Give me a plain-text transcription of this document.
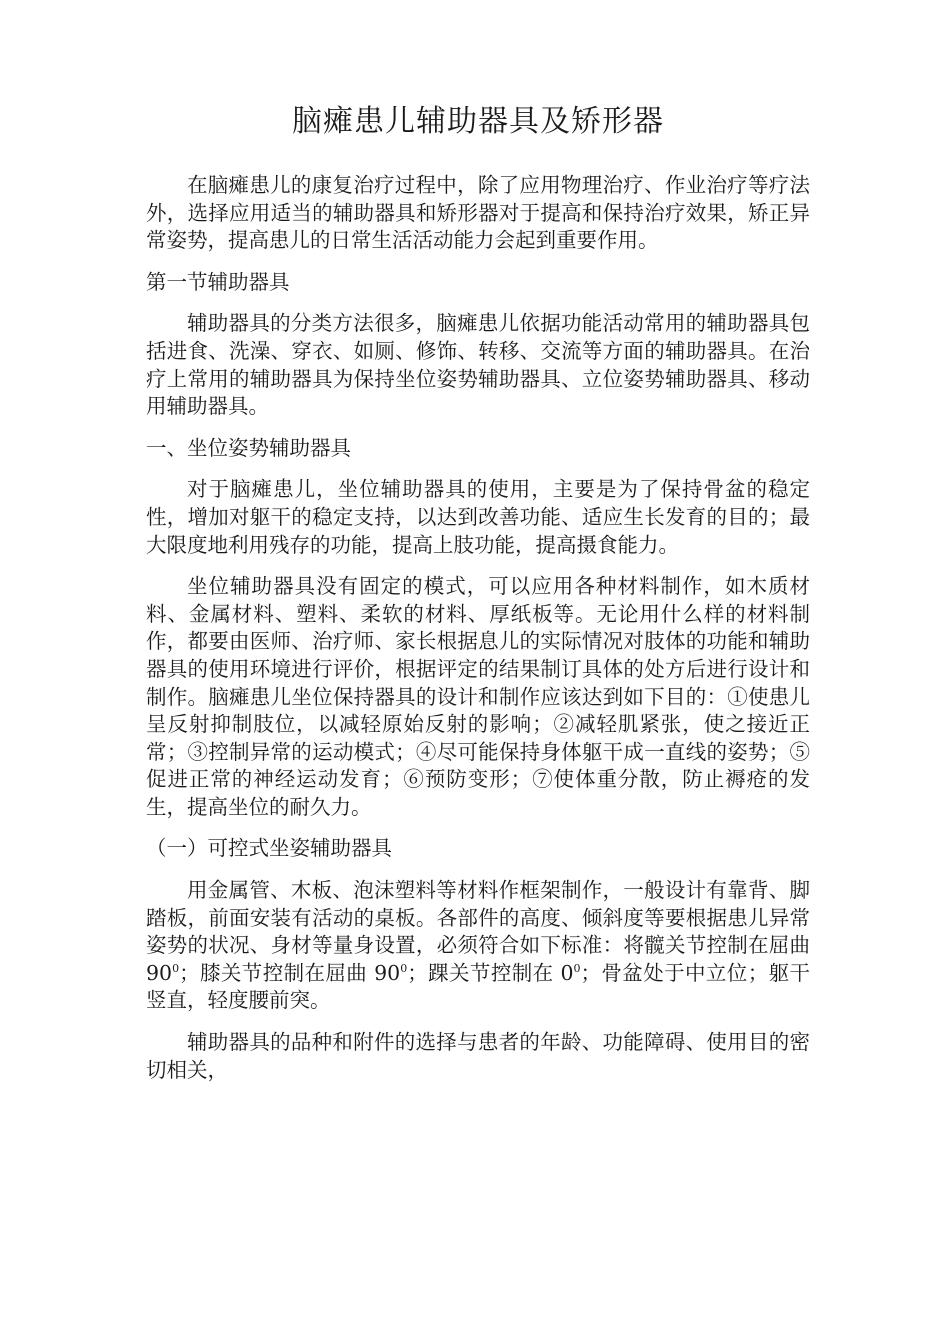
脑瘫患儿辅助器具及矫形器

在脑瘫患儿的康复治疗过程中，除了应用物理治疗、作业治疗等疗法外，选择应用适当的辅助器具和矫形器对于提高和保持治疗效果，矫正异常姿势，提高患儿的日常生活活动能力会起到重要作用。

第一节辅助器具

辅助器具的分类方法很多，脑瘫患儿依据功能活动常用的辅助器具包括进食、洗澡、穿衣、如厕、修饰、转移、交流等方面的辅助器具。在治疗上常用的辅助器具为保持坐位姿势辅助器具、立位姿势辅助器具、移动用辅助器具。

一、坐位姿势辅助器具

对于脑瘫患儿，坐位辅助器具的使用，主要是为了保持骨盆的稳定性，增加对躯干的稳定支持，以达到改善功能、适应生长发育的目的；最大限度地利用残存的功能，提高上肢功能，提高摄食能力。

坐位辅助器具没有固定的模式，可以应用各种材料制作，如木质材料、金属材料、塑料、柔软的材料、厚纸板等。无论用什么样的材料制作，都要由医师、治疗师、家长根据息儿的实际情况对肢体的功能和辅助器具的使用环境进行评价，根据评定的结果制订具体的处方后进行设计和制作。脑瘫患儿坐位保持器具的设计和制作应该达到如下目的：①使患儿呈反射抑制肢位，以减轻原始反射的影响；②减轻肌紧张，使之接近正常；③控制异常的运动模式；④尽可能保持身体躯干成一直线的姿势；⑤促进正常的神经运动发育；⑥预防变形；⑦使体重分散，防止褥疮的发生，提高坐位的耐久力。

（一）可控式坐姿辅助器具

用金属管、木板、泡沫塑料等材料作框架制作，一般设计有靠背、脚踏板，前面安装有活动的桌板。各部件的高度、倾斜度等要根据患儿异常姿势的状况、身材等量身设置，必须符合如下标准：将髋关节控制在屈曲 $90^0$；膝关节控制在屈曲 $90^0$；踝关节控制在 $0^0$；骨盆处于中立位；躯干竖直，轻度腰前突。

辅助器具的品种和附件的选择与患者的年龄、功能障碍、使用目的密切相关，
